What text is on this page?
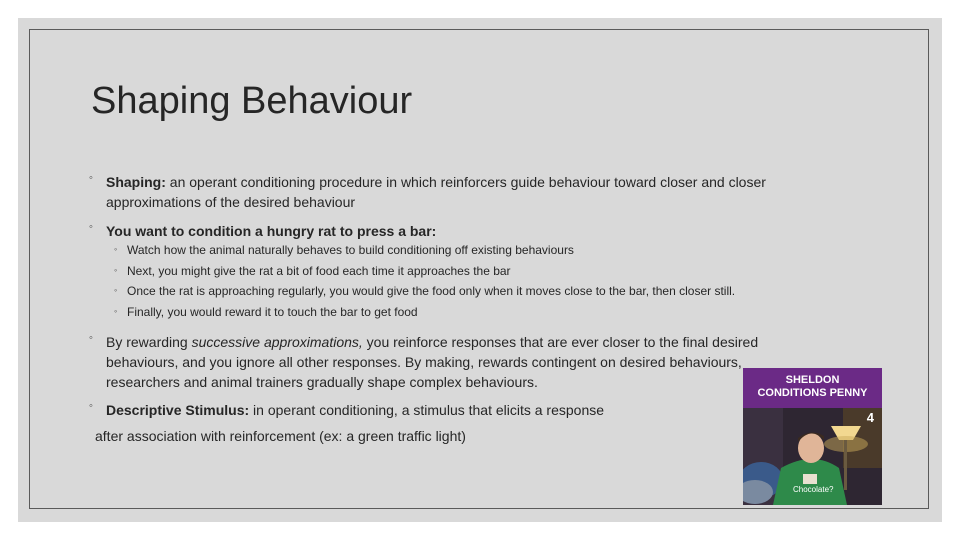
Shaping Behaviour
◦ Shaping: an operant conditioning procedure in which reinforcers guide behaviour toward closer and closer
approximations of the desired behaviour
◦ You want to condition a hungry rat to press a bar:
◦ Watch how the animal naturally behaves to build conditioning off existing behaviours
◦ Next, you might give the rat a bit of food each time it approaches the bar
◦ Once the rat is approaching regularly, you would give the food only when it moves close to the bar, then closer still.
◦ Finally, you would reward it to touch the bar to get food
◦ By rewarding successive approximations, you reinforce responses that are ever closer to the final desired
behaviours, and you ignore all other responses. By making, rewards contingent on desired behaviours,
researchers and animal trainers gradually shape complex behaviours.
◦ Descriptive Stimulus: in operant conditioning, a stimulus that elicits a response
after association with reinforcement (ex: a green traffic light)
SHELDON
CONDITIONS PENNY
4
Chocolate?
